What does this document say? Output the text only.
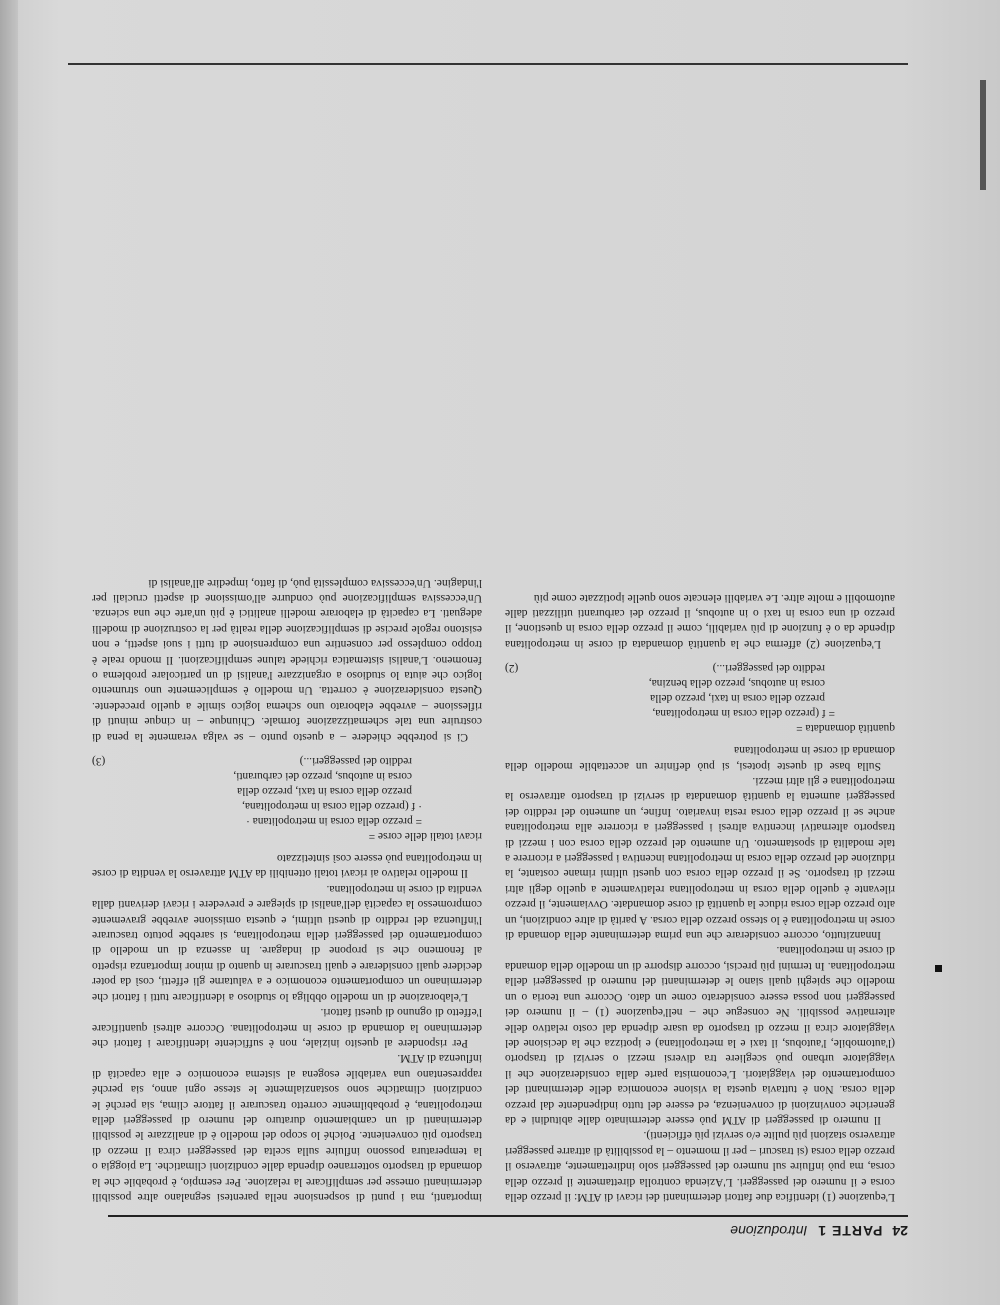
24
PARTE 1
Introduzione

L'equazione (1) identifica due fattori determinanti dei ricavi di ATM: il prezzo della corsa e il numero dei passeggeri. L'Azienda controlla direttamente il prezzo della corsa, ma può influire sul numero dei passeggeri solo indirettamente, attraverso il prezzo della corsa (si trascuri – per il momento – la possibilità di attrarre passeggeri attraverso stazioni più pulite e/o servizi più efficienti).

Il numero di passeggeri di ATM può essere determinato dalle abitudini e da generiche convinzioni di convenienza, ed essere del tutto indipendente dal prezzo della corsa. Non è tuttavia questa la visione economica delle determinanti del comportamento dei viaggiatori. L'economista parte dalla considerazione che il viaggiatore urbano può scegliere tra diversi mezzi o servizi di trasporto (l'automobile, l'autobus, il taxi e la metropolitana) e ipotizza che la decisione del viaggiatore circa il mezzo di trasporto da usare dipenda dal costo relativo delle alternative possibili. Ne consegue che – nell'equazione (1) – il numero dei passeggeri non possa essere considerato come un dato. Occorre una teoria o un modello che spieghi quali siano le determinanti del numero di passeggeri della metropolitana. In termini più precisi, occorre disporre di un modello della domanda di corse in metropolitana.

Innanzitutto, occorre considerare che una prima determinante della domanda di corse in metropolitana è lo stesso prezzo della corsa. A parità di altre condizioni, un alto prezzo della corsa riduce la quantità di corse domandate. Ovviamente, il prezzo rilevante è quello della corsa in metropolitana relativamente a quello degli altri mezzi di trasporto. Se il prezzo della corsa con questi ultimi rimane costante, la riduzione del prezzo della corsa in metropolitana incentiva i passeggeri a ricorrere a tale modalità di spostamento. Un aumento del prezzo della corsa con i mezzi di trasporto alternativi incentiva altresì i passeggeri a ricorrere alla metropolitana anche se il prezzo della corsa resta invariato. Infine, un aumento del reddito dei passeggeri aumenta la quantità domandata di servizi di trasporto attraverso la metropolitana e gli altri mezzi.

Sulla base di queste ipotesi, si può definire un accettabile modello della domanda di corse in metropolitana

quantità domandata =
= f (prezzo della corsa in metropolitana,
prezzo della corsa in taxi, prezzo della
corsa in autobus, prezzo della benzina,
reddito dei passeggeri...)
(2)

L'equazione (2) afferma che la quantità domandata di corse in metropolitana dipende da o è funzione di più variabili, come il prezzo della corsa in questione, il prezzo di una corsa in taxi o in autobus, il prezzo dei carburanti utilizzati dalle automobili e molte altre. Le variabili elencate sono quelle ipotizzate come più

importanti, ma i punti di sospensione nella parentesi segnalano altre possibili determinanti omesse per semplificare la relazione. Per esempio, è probabile che la domanda di trasporto sotterraneo dipenda dalle condizioni climatiche. La pioggia o la temperatura possono influire sulla scelta dei passeggeri circa il mezzo di trasporto più conveniente. Poiché lo scopo del modello è di analizzare le possibili determinanti di un cambiamento duraturo del numero di passeggeri della metropolitana, è probabilmente corretto trascurare il fattore clima, sia perché le condizioni climatiche sono sostanzialmente le stesse ogni anno, sia perché rappresentano una variabile esogena al sistema economico e alla capacità di influenza di ATM.

Per rispondere al quesito iniziale, non è sufficiente identificare i fattori che determinano la domanda di corse in metropolitana. Occorre altresì quantificare l'effetto di ognuno di questi fattori.

L'elaborazione di un modello obbliga lo studioso a identificare tutti i fattori che determinano un comportamento economico e a valutarne gli effetti, così da poter decidere quali considerare e quali trascurare in quanto di minor importanza rispetto al fenomeno che si propone di indagare. In assenza di un modello di comportamento dei passeggeri della metropolitana, si sarebbe potuto trascurare l'influenza del reddito di questi ultimi, e questa omissione avrebbe gravemente compromesso la capacità dell'analisi di spiegare e prevedere i ricavi derivanti dalla vendita di corse in metropolitana.

Il modello relativo ai ricavi totali ottenibili da ATM attraverso la vendita di corse in metropolitana può essere così sintetizzato

ricavi totali delle corse =
= prezzo della corsa in metropolitana ·
· f (prezzo della corsa in metropolitana,
prezzo della corsa in taxi, prezzo della
corsa in autobus, prezzo dei carburanti,
reddito dei passeggeri...)
(3)

Ci si potrebbe chiedere – a questo punto – se valga veramente la pena di costruire una tale schematizzazione formale. Chiunque – in cinque minuti di riflessione – avrebbe elaborato uno schema logico simile a quello precedente. Questa considerazione è corretta. Un modello è semplicemente uno strumento logico che aiuta lo studioso a organizzare l'analisi di un particolare problema o fenomeno. L'analisi sistematica richiede talune semplificazioni. Il mondo reale è troppo complesso per consentire una comprensione di tutti i suoi aspetti, e non esistono regole precise di semplificazione della realtà per la costruzione di modelli adeguati. La capacità di elaborare modelli analitici è più un'arte che una scienza. Un'eccessiva semplificazione può condurre all'omissione di aspetti cruciali per l'indagine. Un'eccessiva complessità può, di fatto, impedire all'analisi di
